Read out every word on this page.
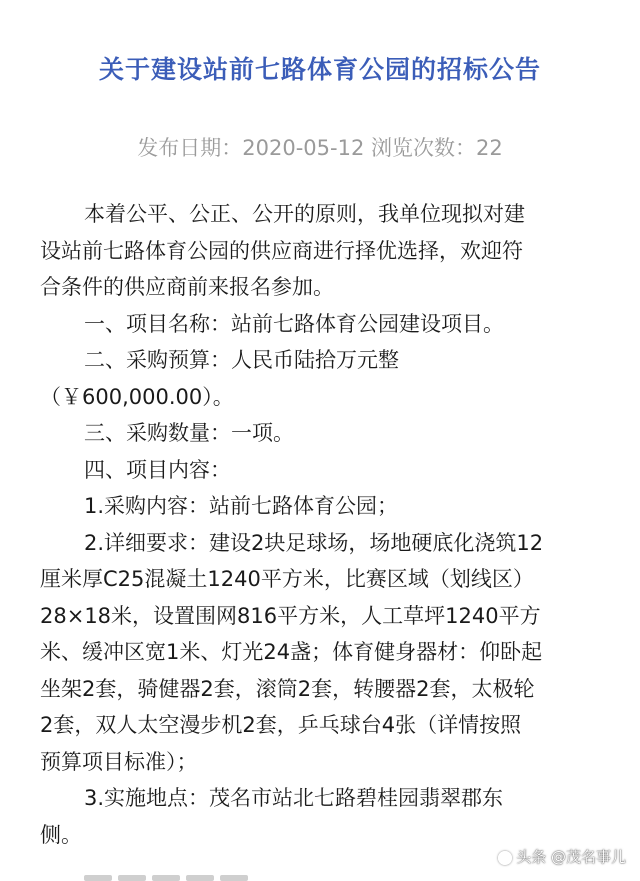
关于建设站前七路体育公园的招标公告
发布日期：2020-05-12 浏览次数：22
本着公平、公正、公开的原则，我单位现拟对建
设站前七路体育公园的供应商进行择优选择，欢迎符
合条件的供应商前来报名参加。
一、项目名称：站前七路体育公园建设项目。
二、采购预算：人民币陆拾万元整
（￥600,000.00）。
三、采购数量：一项。
四、项目内容：
1.采购内容：站前七路体育公园；
2.详细要求：建设2块足球场，场地硬底化浇筑12
厘米厚C25混凝土1240平方米，比赛区域（划线区）
28×18米，设置围网816平方米，人工草坪1240平方
米、缓冲区宽1米、灯光24盏；体育健身器材：仰卧起
坐架2套，骑健器2套，滚筒2套，转腰器2套，太极轮
2套，双人太空漫步机2套，乒乓球台4张（详情按照
预算项目标准）；
3.实施地点：茂名市站北七路碧桂园翡翠郡东
侧。
头条 @茂名事儿
